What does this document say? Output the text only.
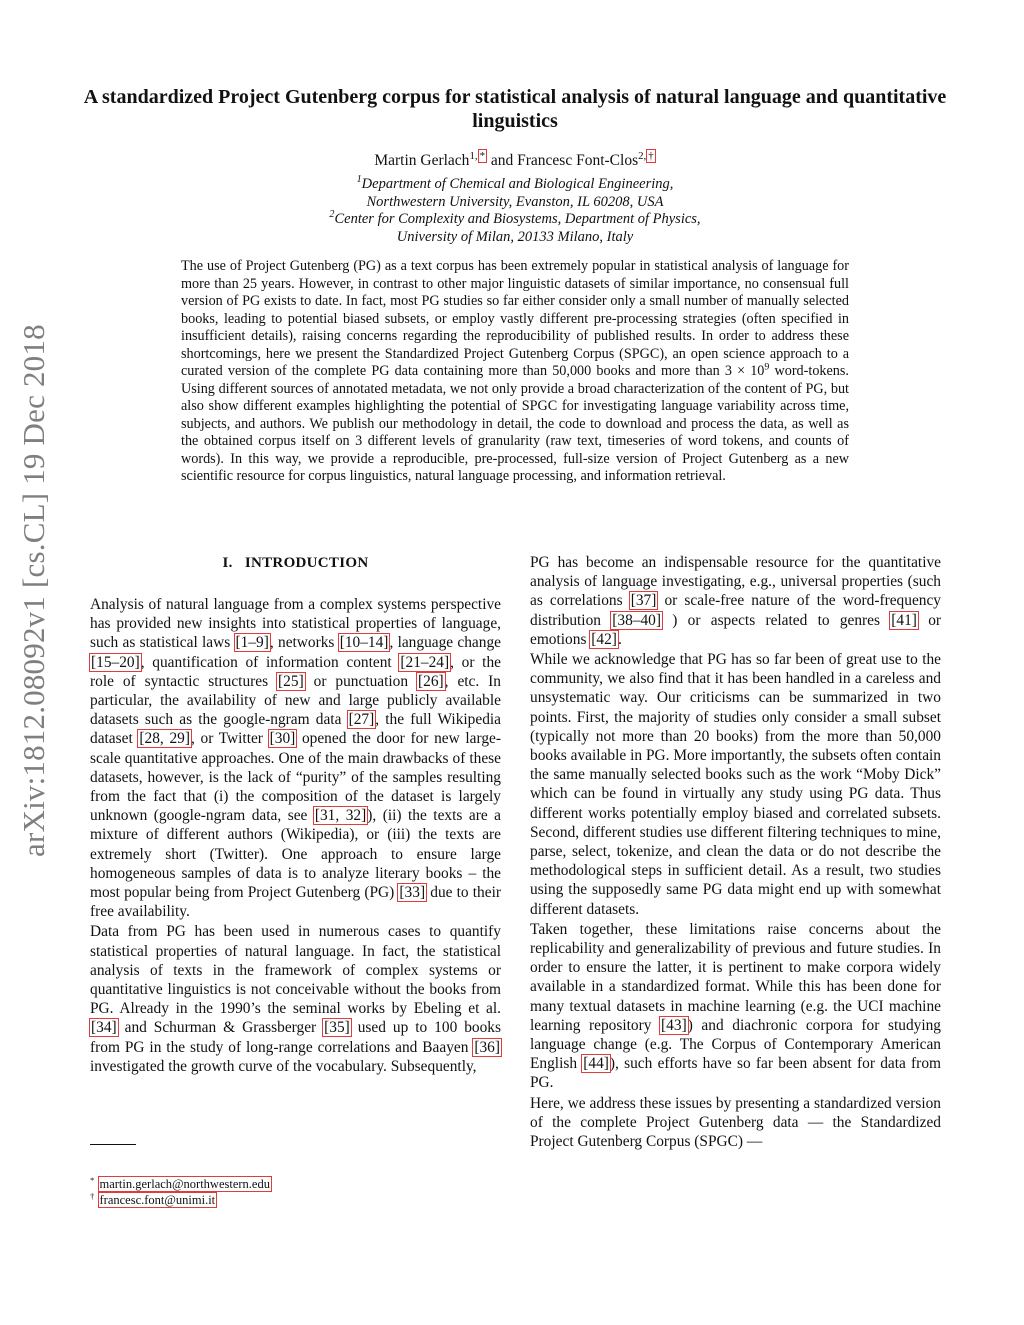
arXiv:1812.08092v1 [cs.CL] 19 Dec 2018
A standardized Project Gutenberg corpus for statistical analysis of natural language and quantitative linguistics
Martin Gerlach$^{1,}$ * and Francesc Font-Clos$^{2,}$ †
$^1$Department of Chemical and Biological Engineering,
Northwestern University, Evanston, IL 60208, USA
$^2$Center for Complexity and Biosystems, Department of Physics,
University of Milan, 20133 Milano, Italy
The use of Project Gutenberg (PG) as a text corpus has been extremely popular in statistical analysis of language for more than 25 years. However, in contrast to other major linguistic datasets of similar importance, no consensual full version of PG exists to date. In fact, most PG studies so far either consider only a small number of manually selected books, leading to potential biased subsets, or employ vastly different pre-processing strategies (often specified in insufficient details), raising concerns regarding the reproducibility of published results. In order to address these shortcomings, here we present the Standardized Project Gutenberg Corpus (SPGC), an open science approach to a curated version of the complete PG data containing more than 50,000 books and more than $3 \times 10^9$ word-tokens. Using different sources of annotated metadata, we not only provide a broad characterization of the content of PG, but also show different examples highlighting the potential of SPGC for investigating language variability across time, subjects, and authors. We publish our methodology in detail, the code to download and process the data, as well as the obtained corpus itself on 3 different levels of granularity (raw text, timeseries of word tokens, and counts of words). In this way, we provide a reproducible, pre-processed, full-size version of Project Gutenberg as a new scientific resource for corpus linguistics, natural language processing, and information retrieval.
I. INTRODUCTION

Analysis of natural language from a complex systems perspective has provided new insights into statistical properties of language, such as statistical laws [1–9], networks [10–14], language change [15–20], quantification of information content [21–24], or the role of syntactic structures [25] or punctuation [26], etc. In particular, the availability of new and large publicly available datasets such as the google-ngram data [27], the full Wikipedia dataset [28, 29], or Twitter [30] opened the door for new large-scale quantitative approaches. One of the main drawbacks of these datasets, however, is the lack of “purity” of the samples resulting from the fact that (i) the composition of the dataset is largely unknown (google-ngram data, see [31, 32]), (ii) the texts are a mixture of different authors (Wikipedia), or (iii) the texts are extremely short (Twitter). One approach to ensure large homogeneous samples of data is to analyze literary books – the most popular being from Project Gutenberg (PG) [33] due to their free availability.

Data from PG has been used in numerous cases to quantify statistical properties of natural language. In fact, the statistical analysis of texts in the framework of complex systems or quantitative linguistics is not conceivable without the books from PG. Already in the 1990’s the seminal works by Ebeling et al. [34] and Schurman & Grassberger [35] used up to 100 books from PG in the study of long-range correlations and Baayen [36] investigated the growth curve of the vocabulary. Subsequently,

PG has become an indispensable resource for the quantitative analysis of language investigating, e.g., universal properties (such as correlations [37] or scale-free nature of the word-frequency distribution [38–40] ) or aspects related to genres [41] or emotions [42].

While we acknowledge that PG has so far been of great use to the community, we also find that it has been handled in a careless and unsystematic way. Our criticisms can be summarized in two points. First, the majority of studies only consider a small subset (typically not more than 20 books) from the more than 50,000 books available in PG. More importantly, the subsets often contain the same manually selected books such as the work “Moby Dick” which can be found in virtually any study using PG data. Thus different works potentially employ biased and correlated subsets. Second, different studies use different filtering techniques to mine, parse, select, tokenize, and clean the data or do not describe the methodological steps in sufficient detail. As a result, two studies using the supposedly same PG data might end up with somewhat different datasets.

Taken together, these limitations raise concerns about the replicability and generalizability of previous and future studies. In order to ensure the latter, it is pertinent to make corpora widely available in a standardized format. While this has been done for many textual datasets in machine learning (e.g. the UCI machine learning repository [43]) and diachronic corpora for studying language change (e.g. The Corpus of Contemporary American English [44]), such efforts have so far been absent for data from PG.

Here, we address these issues by presenting a standardized version of the complete Project Gutenberg data — the Standardized Project Gutenberg Corpus (SPGC) —

* martin.gerlach@northwestern.edu
† francesc.font@unimi.it
